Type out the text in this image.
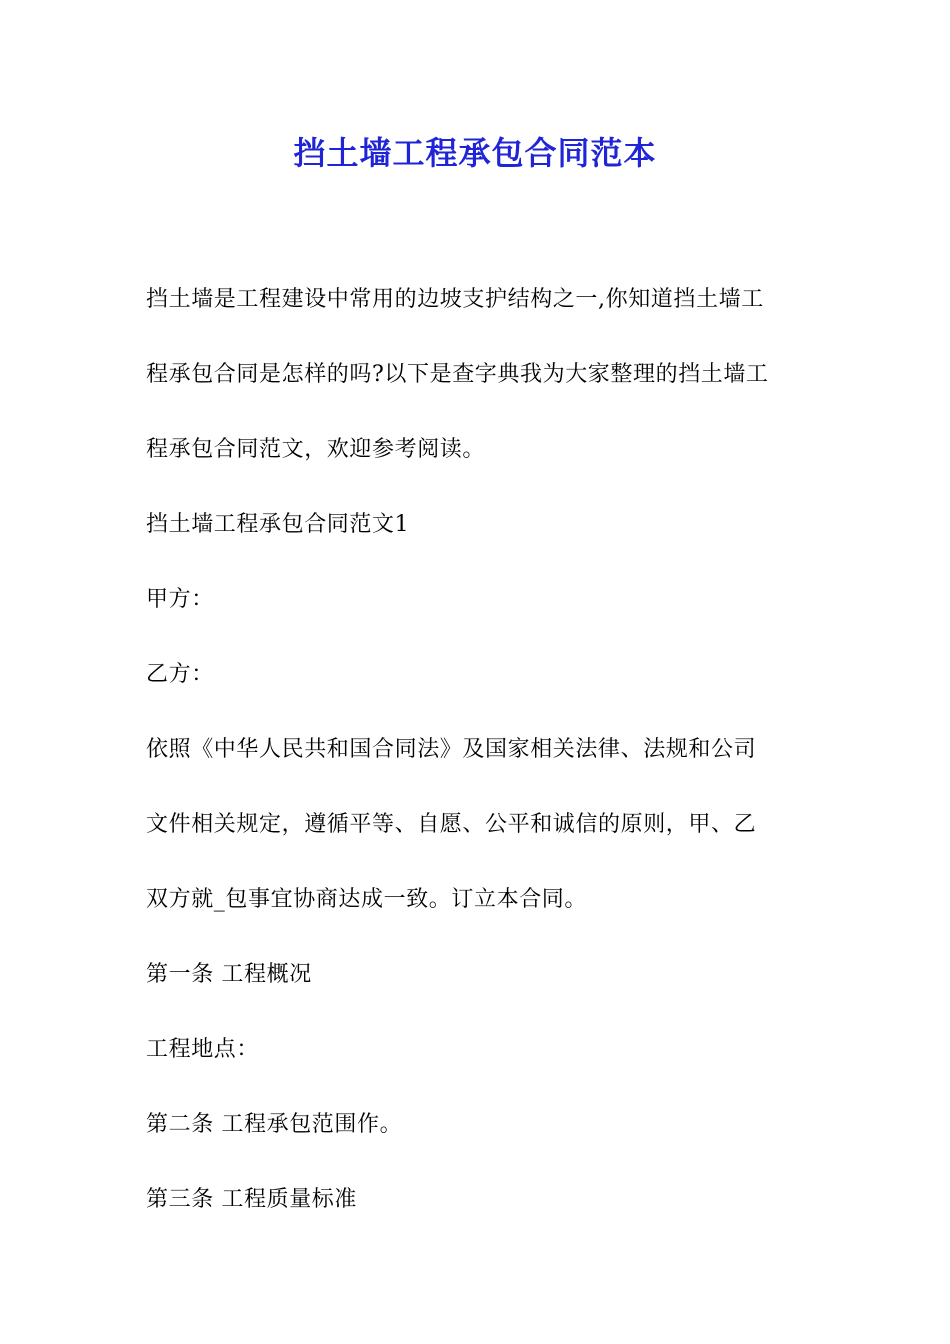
挡土墙工程承包合同范本

挡土墙是工程建设中常用的边坡支护结构之一,你知道挡土墙工

程承包合同是怎样的吗?以下是查字典我为大家整理的挡土墙工

程承包合同范文，欢迎参考阅读。

挡土墙工程承包合同范文1

甲方：

乙方：

依照《中华人民共和国合同法》及国家相关法律、法规和公司

文件相关规定，遵循平等、自愿、公平和诚信的原则，甲、乙

双方就_包事宜协商达成一致。订立本合同。

第一条 工程概况

工程地点：

第二条 工程承包范围作。

第三条 工程质量标准
